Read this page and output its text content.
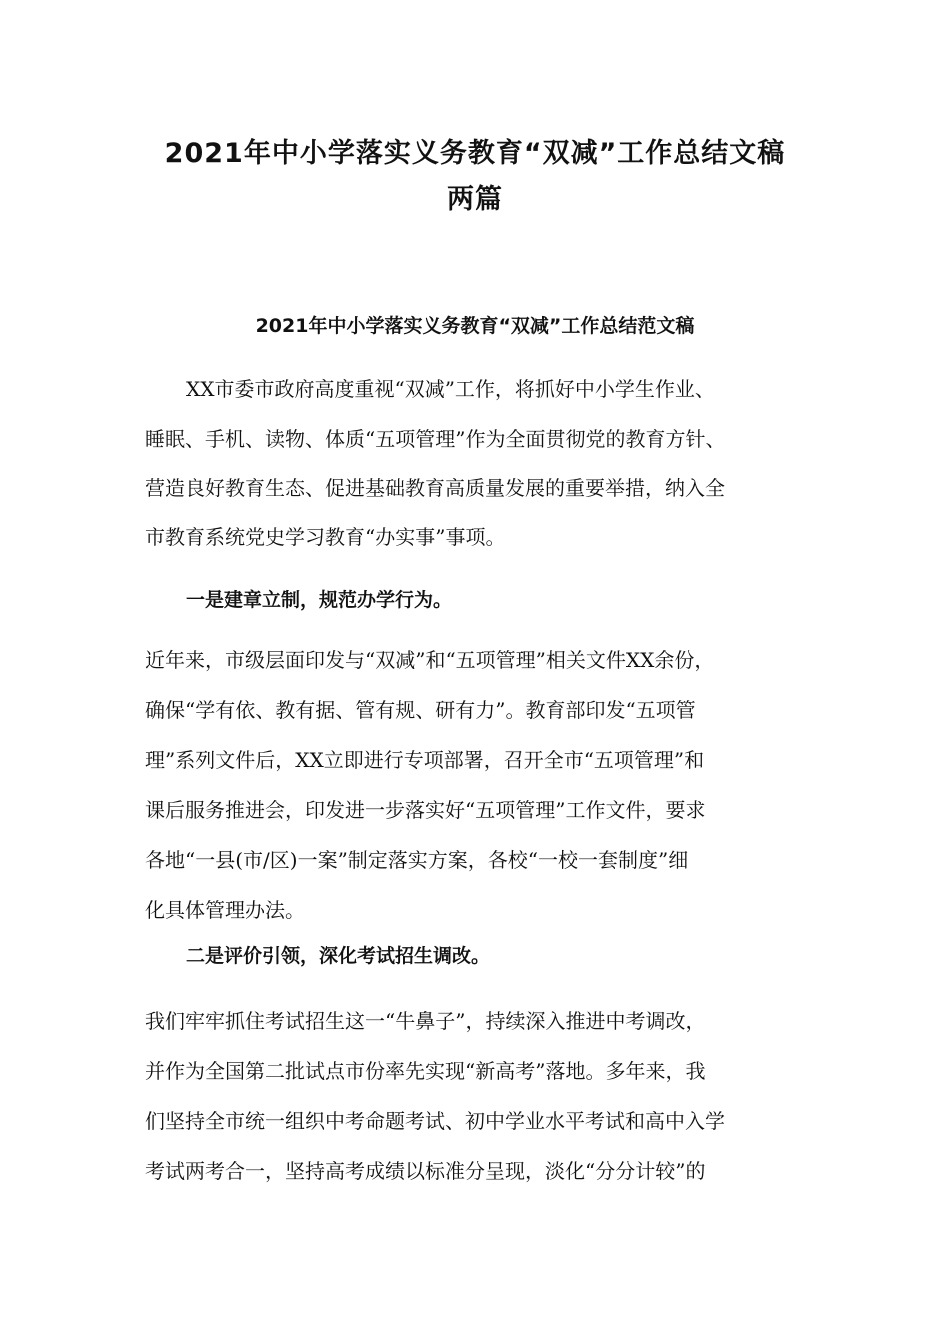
2021年中小学落实义务教育“双减”工作总结文稿
两篇
2021年中小学落实义务教育“双减”工作总结范文稿

XX市委市政府高度重视“双减”工作，将抓好中小学生作业、

睡眠、手机、读物、体质“五项管理”作为全面贯彻党的教育方针、

营造良好教育生态、促进基础教育高质量发展的重要举措，纳入全

市教育系统党史学习教育“办实事”事项。

一是建章立制，规范办学行为。

近年来，市级层面印发与“双减”和“五项管理”相关文件XX余份，

确保“学有依、教有据、管有规、研有力”。教育部印发“五项管

理”系列文件后，XX立即进行专项部署，召开全市“五项管理”和

课后服务推进会，印发进一步落实好“五项管理”工作文件，要求

各地“一县(市/区)一案”制定落实方案，各校“一校一套制度”细

化具体管理办法。

二是评价引领，深化考试招生调改。

我们牢牢抓住考试招生这一“牛鼻子”，持续深入推进中考调改，

并作为全国第二批试点市份率先实现“新高考”落地。多年来，我

们坚持全市统一组织中考命题考试、初中学业水平考试和高中入学

考试两考合一，坚持高考成绩以标准分呈现，淡化“分分计较”的
